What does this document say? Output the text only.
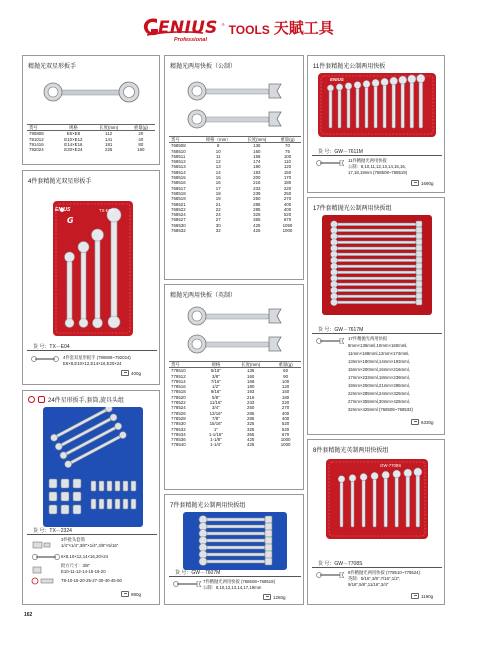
ENIUS ® TOOLS 天賦工具
Professional
精抛光双星形扳手
货号	规格	长度(mm)	重量(g)
790808	E6×E8	112	20
791012	E10×E12	141	40
791416	E14×E16	181	80
792024	E20×E24	225	160
4件套精抛光双星形扳手
G
ENIUS	TX-E04
货 号：TX－E04
4件套双星形扳手 (790808~792024)
E6×8,E10×12,E14×16,E20×24
400g
24件星形扳手,套筒,旋具头组
货 号：TX－2324
3件批头套筒
1/4"×1/4",3/8"×1/4",3/8"×5/16"
6×8,10×12,14×16,20×24
批方尺寸：3/8"
E10-11-12-14-16-18-20
T8-10-15-20-25-27-30-40-45-50
980g
精抛光两用快扳（公制）
货号	规格（mm）	长度(mm)	重量(g)
768508	8	136	70
768510	10	160	75
768511	11	168	100
768512	12	174	110
768513	13	180	120
768514	14	193	150
768515	15	200	170
768516	16	216	180
768517	17	233	220
768518	18	239	250
768519	19	250	270
768521	21	285	400
768522	22	285	400
768524	24	325	520
768527	27	355	670
768530	30	425	1050
768532	32	425	1000
精抛光两用快扳（英制）
货号	规格	长度(mm)	重量(g)
778510	5/16"	136	60
778512	3/8"	160	90
778514	7/16"	168	100
778516	1/2"	180	120
778518	9/16"	193	150
778520	5/8"	216	180
778522	11/16"	233	220
778524	3/4"	250	270
778526	13/16"	285	400
778528	7/8"	285	400
778530	15/16"	325	520
778532	1"	325	520
778534	1-1/16"	355	670
778536	1-1/8"	425	1000
778540	1-1/4"	425	1000
7件套精抛光公制两用快扳组
货 号：GW－7607M
7件精抛光两用快扳 (768508~768519)
公制：8,10,12,13,14,17,19mm
1260g
11件套精抛光公制两用快扳
ENIUS
货 号：GW－7611M
11件精抛光两用快扳
公制：8,10,11,12,13,14,15,16,
17,18,19mm (768508~768519)
1690g
17件套精抛光公制两用快扳组
货 号：GW－7617M
17件精抛光两用快扳
8mm×136mml,10mm×160mml,
11mm×168mml,12mm×174mml,
13mm×180mml,14mm×193mml,
15mm×200mml,16mm×216mml,
17mm×233mml,18mm×239mml,
19mm×250mml,21mm×285mml,
22mm×285mml,24mm×325mml,
27mm×355mml,30mm×425mml,
32mm×425mml (768508~768532)
6330g
8件套精抛光英制两用快扳组
GW-7708S
货 号：GW－7708S
8件精抛光两用快扳 (778510~778524)
英制：5/16",3/8",7/16",1/2",
9/16",5/8",11/16",3/4"
1190g
162
